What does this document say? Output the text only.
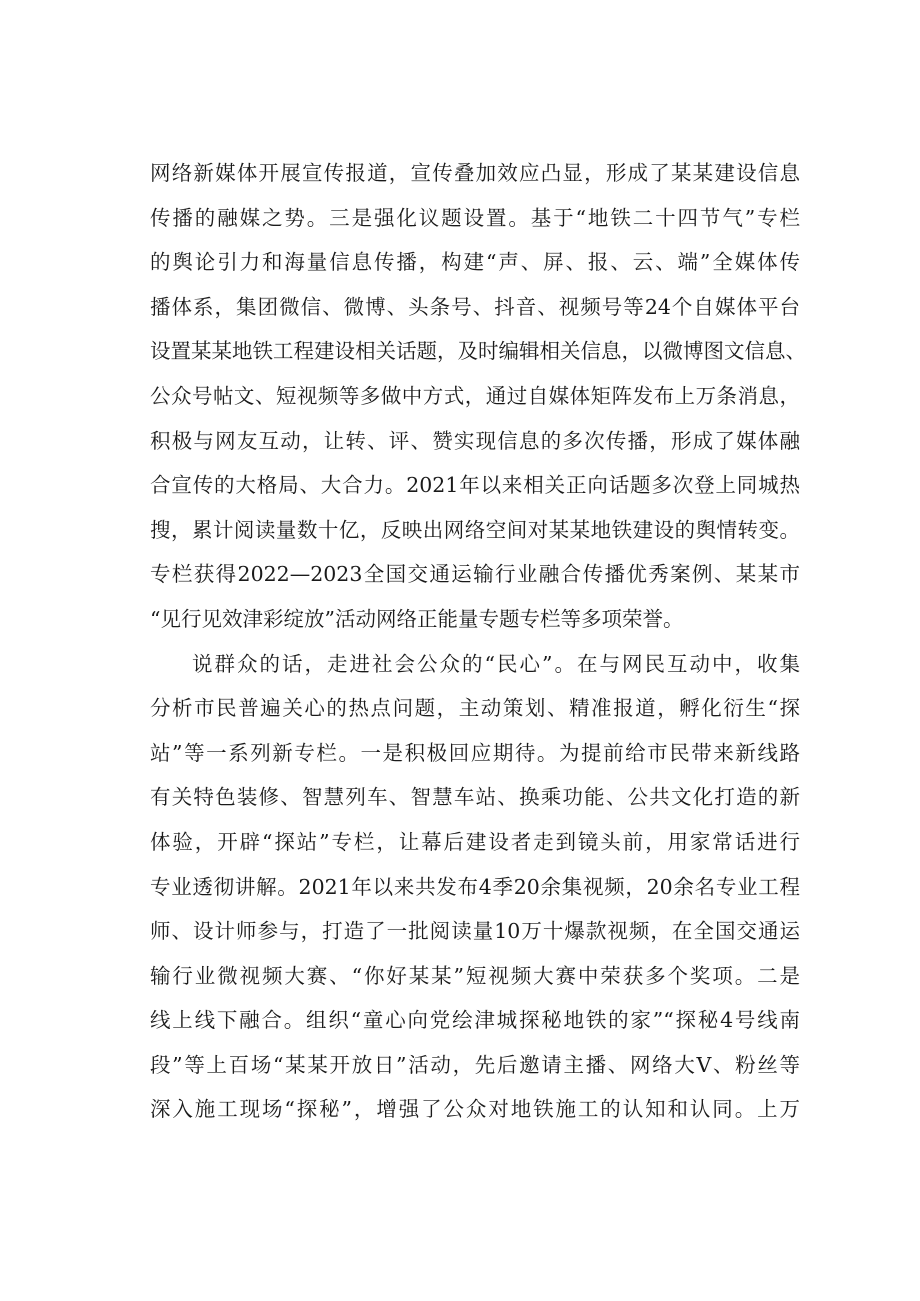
网络新媒体开展宣传报道，宣传叠加效应凸显，形成了某某建设信息
传播的融媒之势。三是强化议题设置。基于“地铁二十四节气”专栏
的舆论引力和海量信息传播，构建“声、屏、报、云、端”全媒体传
播体系，集团微信、微博、头条号、抖音、视频号等24个自媒体平台
设置某某地铁工程建设相关话题，及时编辑相关信息，以微博图文信息、
公众号帖文、短视频等多做中方式，通过自媒体矩阵发布上万条消息，
积极与网友互动，让转、评、赞实现信息的多次传播，形成了媒体融
合宣传的大格局、大合力。2021年以来相关正向话题多次登上同城热
搜，累计阅读量数十亿，反映出网络空间对某某地铁建设的舆情转变。
专栏获得2022—2023全国交通运输行业融合传播优秀案例、某某市
“见行见效津彩绽放”活动网络正能量专题专栏等多项荣誉。
说群众的话，走进社会公众的“民心”。在与网民互动中，收集
分析市民普遍关心的热点问题，主动策划、精准报道，孵化衍生“探
站”等一系列新专栏。一是积极回应期待。为提前给市民带来新线路
有关特色装修、智慧列车、智慧车站、换乘功能、公共文化打造的新
体验，开辟“探站”专栏，让幕后建设者走到镜头前，用家常话进行
专业透彻讲解。2021年以来共发布4季20余集视频，20余名专业工程
师、设计师参与，打造了一批阅读量10万十爆款视频，在全国交通运
输行业微视频大赛、“你好某某”短视频大赛中荣获多个奖项。二是
线上线下融合。组织“童心向党绘津城探秘地铁的家”“探秘4号线南
段”等上百场“某某开放日”活动，先后邀请主播、网络大V、粉丝等
深入施工现场“探秘”，增强了公众对地铁施工的认知和认同。上万
